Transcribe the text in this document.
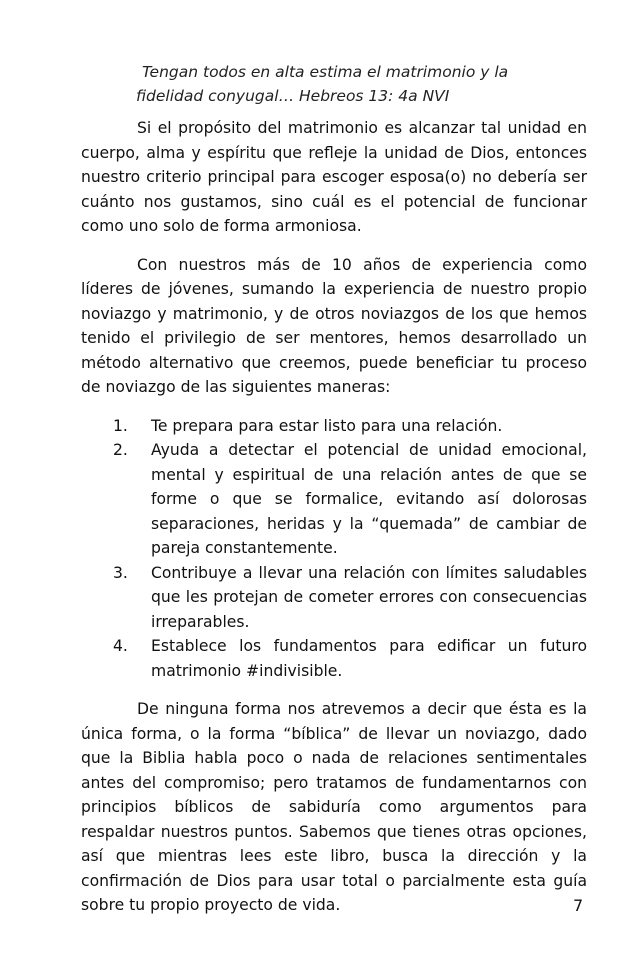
Tengan todos en alta estima el matrimonio y la

fidelidad conyugal… Hebreos 13: 4a NVI

Si el propósito del matrimonio es alcanzar tal unidad en cuerpo, alma y espíritu que refleje la unidad de Dios, entonces nuestro criterio principal para escoger esposa(o) no debería ser cuánto nos gustamos, sino cuál es el potencial de funcionar como uno solo de forma armoniosa.

Con nuestros más de 10 años de experiencia como líderes de jóvenes, sumando la experiencia de nuestro propio noviazgo y matrimonio, y de otros noviazgos de los que hemos tenido el privilegio de ser mentores, hemos desarrollado un método alternativo que creemos, puede beneficiar tu proceso de noviazgo de las siguientes maneras:

1. Te prepara para estar listo para una relación.
2. Ayuda a detectar el potencial de unidad emocional, mental y espiritual de una relación antes de que se forme o que se formalice, evitando así dolorosas separaciones, heridas y la “quemada” de cambiar de pareja constantemente.
3. Contribuye a llevar una relación con límites saludables que les protejan de cometer errores con consecuencias irreparables.
4. Establece los fundamentos para edificar un futuro matrimonio #indivisible.

De ninguna forma nos atrevemos a decir que ésta es la única forma, o la forma “bíblica” de llevar un noviazgo, dado que la Biblia habla poco o nada de relaciones sentimentales antes del compromiso; pero tratamos de fundamentarnos con principios bíblicos de sabiduría como argumentos para respaldar nuestros puntos. Sabemos que tienes otras opciones, así que mientras lees este libro, busca la dirección y la confirmación de Dios para usar total o parcialmente esta guía sobre tu propio proyecto de vida.	7
